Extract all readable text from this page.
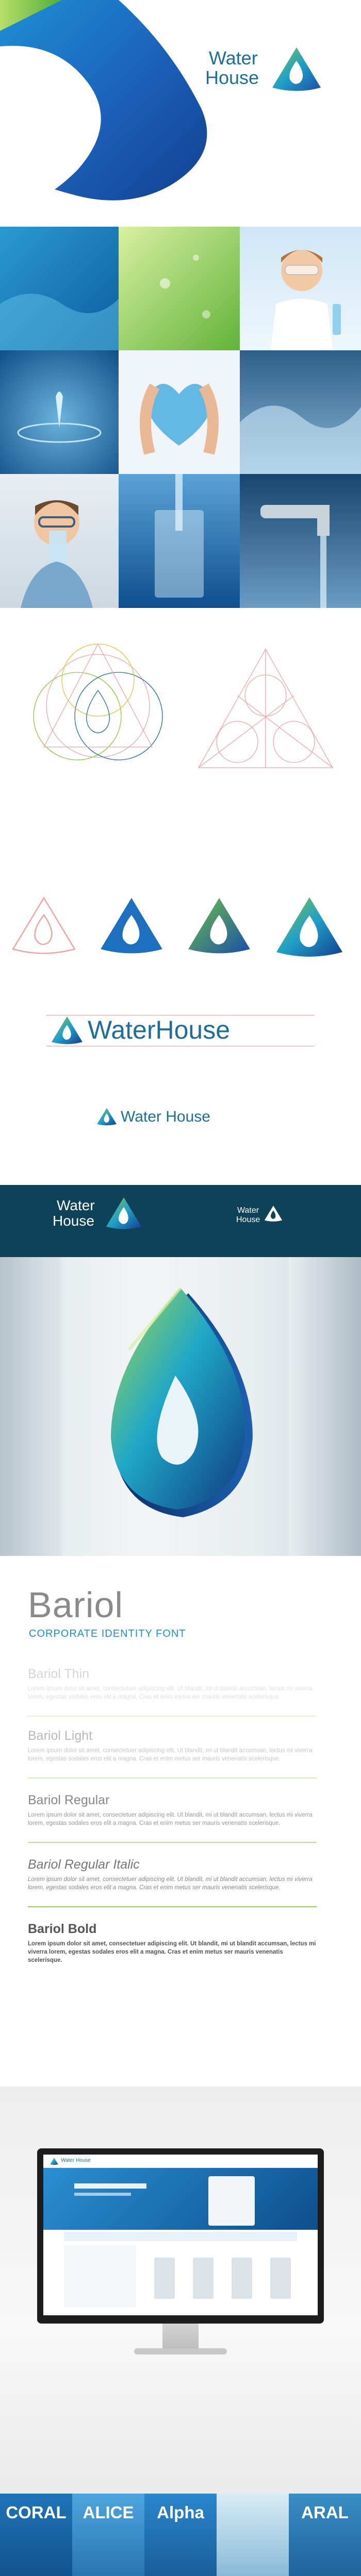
Water
House
WaterHouse
Water House
Water
House
Water
House
Bariol
CORPORATE IDENTITY FONT
Bariol Thin
Lorem ipsum dolor sit amet, consectetuer adipiscing elit. Ut blandit, mi ut blandit accumsan, lectus mi viverra lorem, egestas sodales eros elit a magna. Cras et enim metus ser mauris venenatis scelerisque.
Bariol Light
Lorem ipsum dolor sit amet, consectetuer adipiscing elit. Ut blandit, mi ut blandit accumsan, lectus mi viverra lorem, egestas sodales eros elit a magna. Cras et enim metus ser mauris venenatis scelerisque.
Bariol Regular
Lorem ipsum dolor sit amet, consectetuer adipiscing elit. Ut blandit, mi ut blandit accumsan, lectus mi viverra lorem, egestas sodales eros elit a magna. Cras et enim metus ser mauris venenatis scelerisque.
Bariol Regular Italic
Lorem ipsum dolor sit amet, consectetuer adipiscing elit. Ut blandit, mi ut blandit accumsan, lectus mi viverra lorem, egestas sodales eros elit a magna. Cras et enim metus ser mauris venenatis scelerisque.
Bariol Bold
Lorem ipsum dolor sit amet, consectetuer adipiscing elit. Ut blandit, mi ut blandit accumsan, lectus mi viverra lorem, egestas sodales eros elit a magna. Cras et enim metus ser mauris venenatis scelerisque.
Water House
CORAL ALICE	Alpha	ARAL
